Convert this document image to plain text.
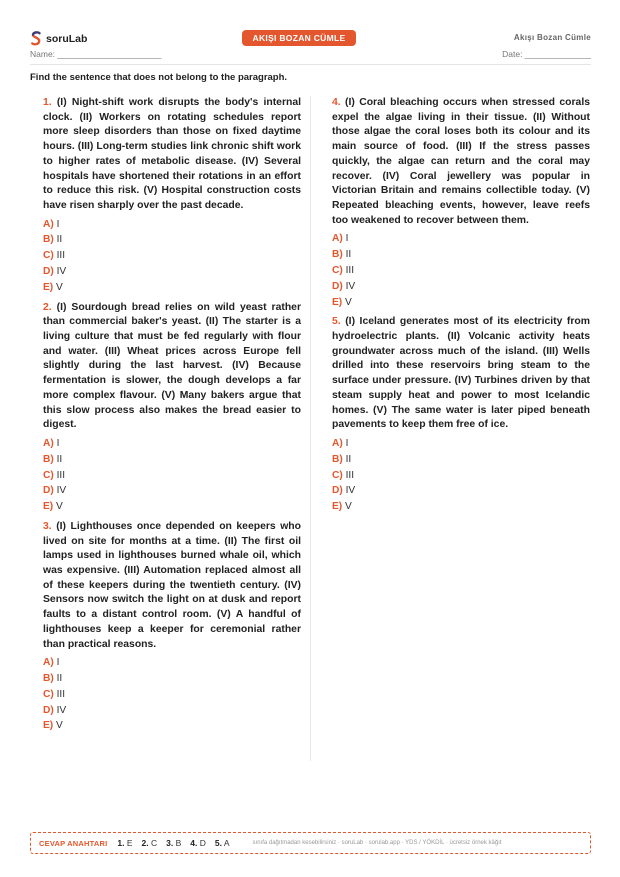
soruLab	AKIŞI BOZAN CÜMLE	Akışı Bozan Cümle
Name: ______________________	Date: ______________
Find the sentence that does not belong to the paragraph.

1. (I) Night-shift work disrupts the body's internal clock. (II) Workers on rotating schedules report more sleep disorders than those on fixed daytime hours. (III) Long-term studies link chronic shift work to higher rates of metabolic disease. (IV) Several hospitals have shortened their rotations in an effort to reduce this risk. (V) Hospital construction costs have risen sharply over the past decade.

A) I
B) II
C) III
D) IV
E) V

2. (I) Sourdough bread relies on wild yeast rather than commercial baker's yeast. (II) The starter is a living culture that must be fed regularly with flour and water. (III) Wheat prices across Europe fell slightly during the last harvest. (IV) Because fermentation is slower, the dough develops a far more complex flavour. (V) Many bakers argue that this slow process also makes the bread easier to digest.

A) I
B) II
C) III
D) IV
E) V

3. (I) Lighthouses once depended on keepers who lived on site for months at a time. (II) The first oil lamps used in lighthouses burned whale oil, which was expensive. (III) Automation replaced almost all of these keepers during the twentieth century. (IV) Sensors now switch the light on at dusk and report faults to a distant control room. (V) A handful of lighthouses keep a keeper for ceremonial rather than practical reasons.

A) I
B) II
C) III
D) IV
E) V

4. (I) Coral bleaching occurs when stressed corals expel the algae living in their tissue. (II) Without those algae the coral loses both its colour and its main source of food. (III) If the stress passes quickly, the algae can return and the coral may recover. (IV) Coral jewellery was popular in Victorian Britain and remains collectible today. (V) Repeated bleaching events, however, leave reefs too weakened to recover between them.

A) I
B) II
C) III
D) IV
E) V

5. (I) Iceland generates most of its electricity from hydroelectric plants. (II) Volcanic activity heats groundwater across much of the island. (III) Wells drilled into these reservoirs bring steam to the surface under pressure. (IV) Turbines driven by that steam supply heat and power to most Icelandic homes. (V) The same water is later piped beneath pavements to keep them free of ice.

A) I
B) II
C) III
D) IV
E) V
CEVAP ANAHTARI 1. E 2. C 3. B 4. D 5. A	sınıfa dağıtmadan kesebilirsiniz · soruLab · sorulab.app · YDS / YÖKDİL · ücretsiz örnek kâğıt
